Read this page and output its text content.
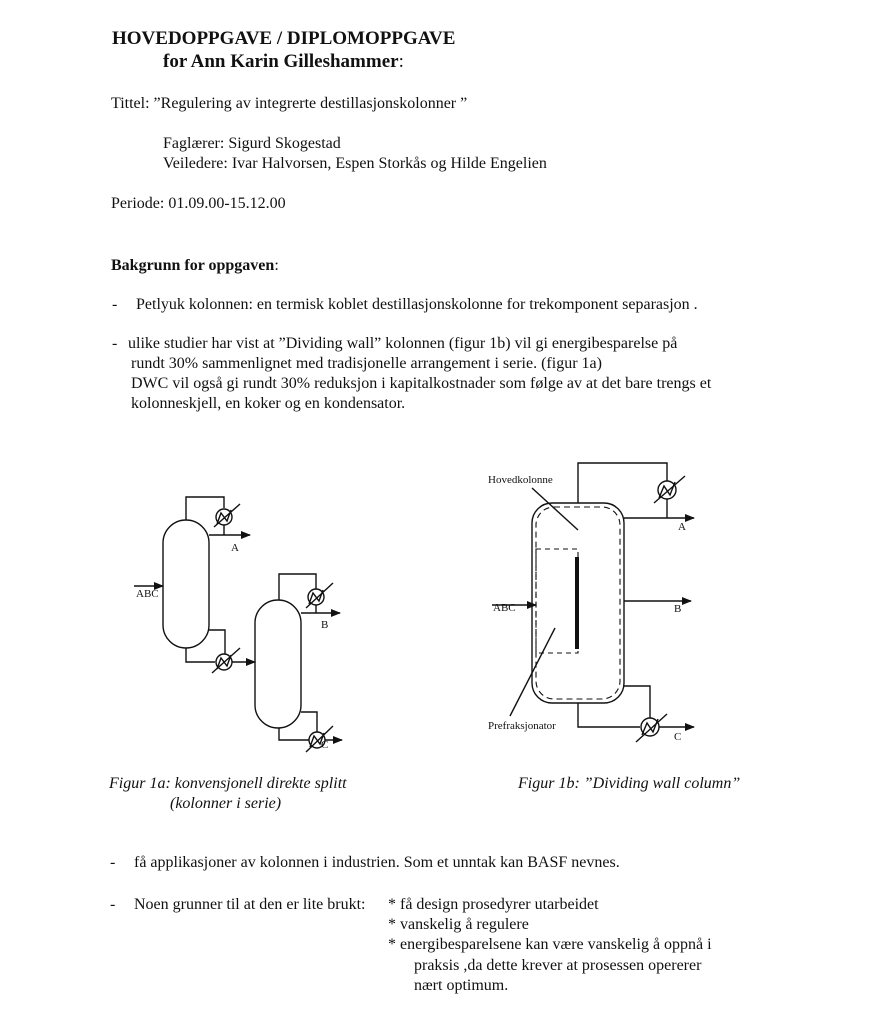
HOVEDOPPGAVE / DIPLOMOPPGAVE
for Ann Karin Gilleshammer:
Tittel: ”Regulering av integrerte destillasjonskolonner ”
Faglærer: Sigurd Skogestad
Veiledere: Ivar Halvorsen, Espen Storkås og Hilde Engelien
Periode: 01.09.00-15.12.00
Bakgrunn for oppgaven:
- Petlyuk kolonnen: en termisk koblet destillasjonskolonne for trekomponent separasjon .
- ulike studier har vist at ”Dividing wall” kolonnen (figur 1b) vil gi energibesparelse på
rundt 30% sammenlignet med tradisjonelle arrangement i serie. (figur 1a)
DWC vil også gi rundt 30% reduksjon i kapitalkostnader som følge av at det bare trengs et
kolonneskjell, en koker og en kondensator.
ABC
A
B
C
Hovedkolonne
Prefraksjonator
ABC
A
B
C
Figur 1a: konvensjonell direkte splitt
(kolonner i serie)
Figur 1b: ”Dividing wall column”
- få applikasjoner av kolonnen i industrien. Som et unntak kan BASF nevnes.
- Noen grunner til at den er lite brukt: * få design prosedyrer utarbeidet
* vanskelig å regulere
* energibesparelsene kan være vanskelig å oppnå i
praksis ,da dette krever at prosessen opererer
nært optimum.
